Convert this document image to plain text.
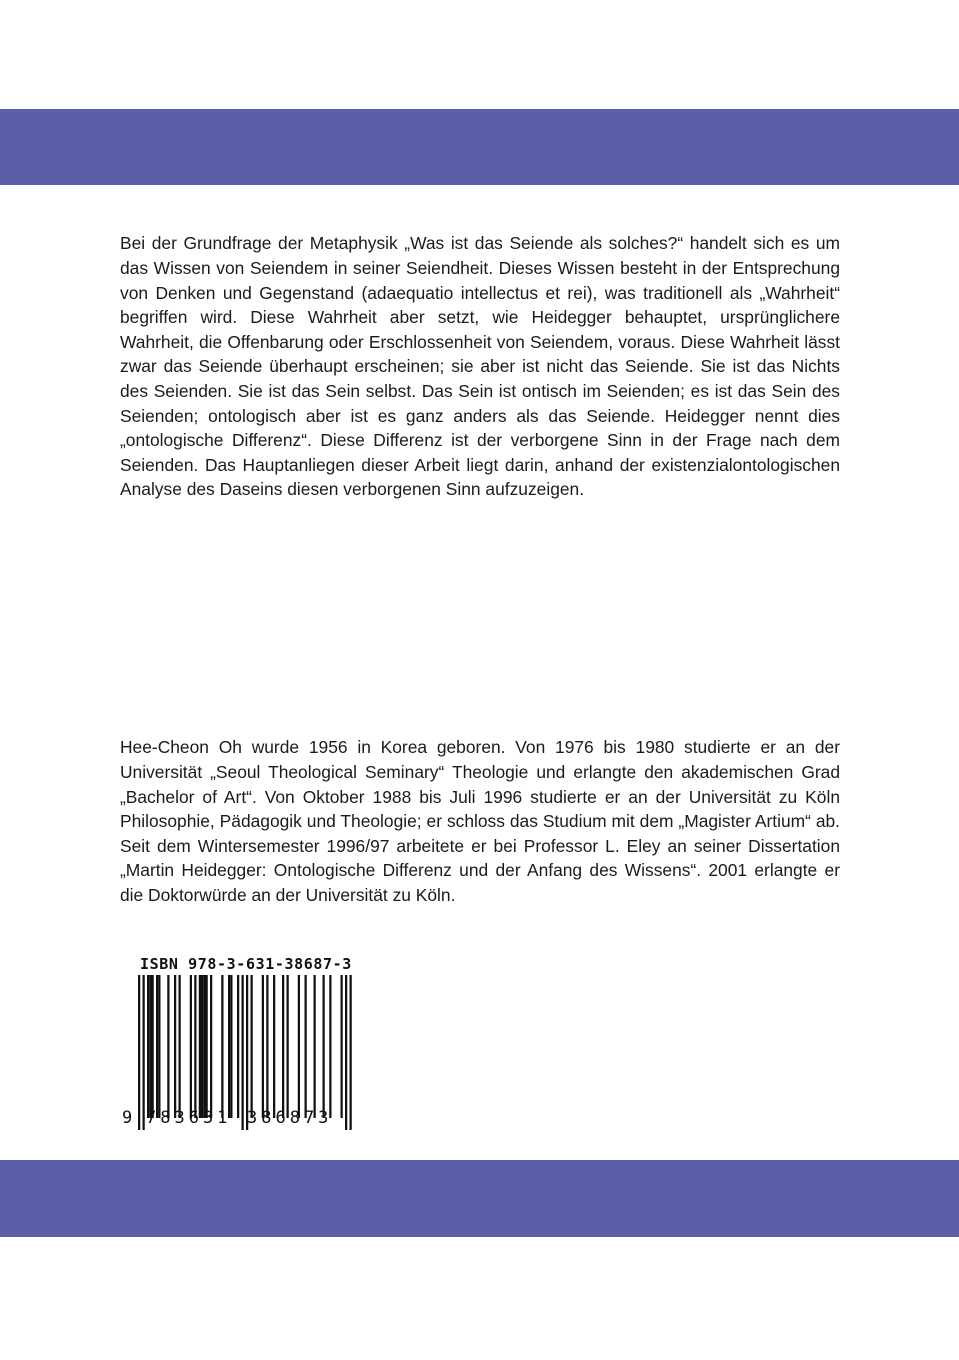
Bei der Grundfrage der Metaphysik „Was ist das Seiende als solches?“ handelt sich es um das Wissen von Seiendem in seiner Seiendheit. Dieses Wissen besteht in der Entsprechung von Denken und Gegenstand (adaequatio intellectus et rei), was traditionell als „Wahrheit“ begriffen wird. Diese Wahrheit aber setzt, wie Heidegger behauptet, ursprünglichere Wahrheit, die Offenbarung oder Erschlossenheit von Seiendem, voraus. Diese Wahrheit lässt zwar das Seiende überhaupt erscheinen; sie aber ist nicht das Seiende. Sie ist das Nichts des Seienden. Sie ist das Sein selbst. Das Sein ist ontisch im Seienden; es ist das Sein des Seienden; ontologisch aber ist es ganz anders als das Seiende. Heidegger nennt dies „ontologische Differenz“. Diese Differenz ist der verborgene Sinn in der Frage nach dem Seienden. Das Hauptanliegen dieser Arbeit liegt darin, anhand der existenzialontologischen Analyse des Daseins diesen verborgenen Sinn aufzuzeigen.

Hee-Cheon Oh wurde 1956 in Korea geboren. Von 1976 bis 1980 studierte er an der Universität „Seoul Theological Seminary“ Theologie und erlangte den akademischen Grad „Bachelor of Art“. Von Oktober 1988 bis Juli 1996 studierte er an der Universität zu Köln Philosophie, Pädagogik und Theologie; er schloss das Studium mit dem „Magister Artium“ ab. Seit dem Wintersemester 1996/97 arbeitete er bei Professor L. Eley an seiner Dissertation „Martin Heidegger: Ontologische Differenz und der Anfang des Wissens“. 2001 erlangte er die Doktorwürde an der Universität zu Köln.

ISBN 978-3-631-38687-3
9 783631 386873
